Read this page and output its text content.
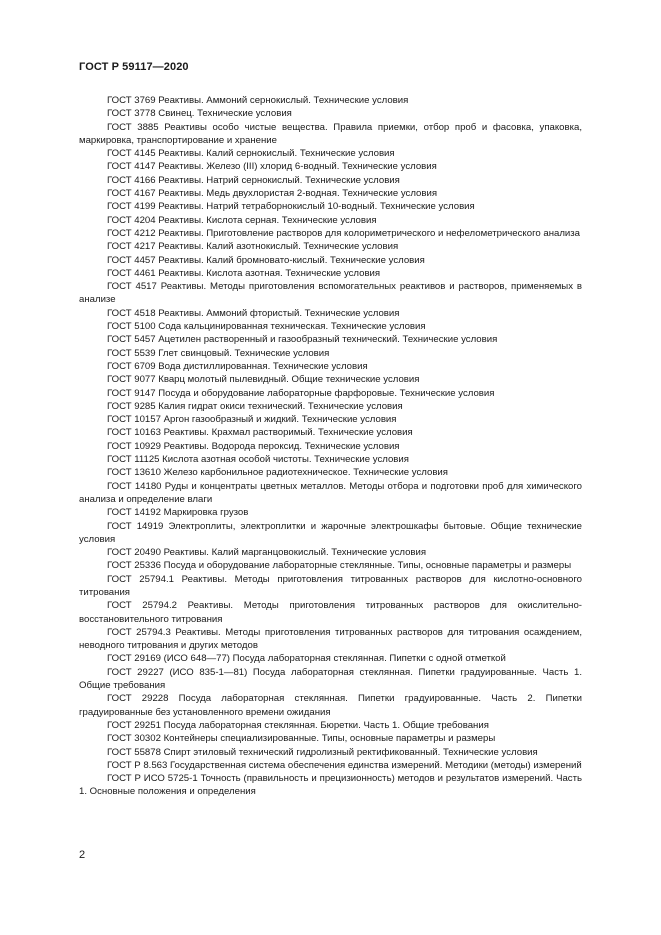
ГОСТ Р 59117—2020

ГОСТ 3769 Реактивы. Аммоний сернокислый. Технические условия

ГОСТ 3778 Свинец. Технические условия

ГОСТ 3885 Реактивы особо чистые вещества. Правила приемки, отбор проб и фасовка, упаковка, маркировка, транспортирование и хранение

ГОСТ 4145 Реактивы. Калий сернокислый. Технические условия

ГОСТ 4147 Реактивы. Железо (III) хлорид 6-водный. Технические условия

ГОСТ 4166 Реактивы. Натрий сернокислый. Технические условия

ГОСТ 4167 Реактивы. Медь двухлористая 2-водная. Технические условия

ГОСТ 4199 Реактивы. Натрий тетраборнокислый 10-водный. Технические условия

ГОСТ 4204 Реактивы. Кислота серная. Технические условия

ГОСТ 4212 Реактивы. Приготовление растворов для колориметрического и нефелометрического анализа

ГОСТ 4217 Реактивы. Калий азотнокислый. Технические условия

ГОСТ 4457 Реактивы. Калий бромновато-кислый. Технические условия

ГОСТ 4461 Реактивы. Кислота азотная. Технические условия

ГОСТ 4517 Реактивы. Методы приготовления вспомогательных реактивов и растворов, применяемых в анализе

ГОСТ 4518 Реактивы. Аммоний фтористый. Технические условия

ГОСТ 5100 Сода кальцинированная техническая. Технические условия

ГОСТ 5457 Ацетилен растворенный и газообразный технический. Технические условия

ГОСТ 5539 Глет свинцовый. Технические условия

ГОСТ 6709 Вода дистиллированная. Технические условия

ГОСТ 9077 Кварц молотый пылевидный. Общие технические условия

ГОСТ 9147 Посуда и оборудование лабораторные фарфоровые. Технические условия

ГОСТ 9285 Калия гидрат окиси технический. Технические условия

ГОСТ 10157 Аргон газообразный и жидкий. Технические условия

ГОСТ 10163 Реактивы. Крахмал растворимый. Технические условия

ГОСТ 10929 Реактивы. Водорода пероксид. Технические условия

ГОСТ 11125 Кислота азотная особой чистоты. Технические условия

ГОСТ 13610 Железо карбонильное радиотехническое. Технические условия

ГОСТ 14180 Руды и концентраты цветных металлов. Методы отбора и подготовки проб для химического анализа и определение влаги

ГОСТ 14192 Маркировка грузов

ГОСТ 14919 Электроплиты, электроплитки и жарочные электрошкафы бытовые. Общие технические условия

ГОСТ 20490 Реактивы. Калий марганцовокислый. Технические условия

ГОСТ 25336 Посуда и оборудование лабораторные стеклянные. Типы, основные параметры и размеры

ГОСТ 25794.1 Реактивы. Методы приготовления титрованных растворов для кислотно-основного титрования

ГОСТ 25794.2 Реактивы. Методы приготовления титрованных растворов для окислительно-восстановительного титрования

ГОСТ 25794.3 Реактивы. Методы приготовления титрованных растворов для титрования осаждением, неводного титрования и других методов

ГОСТ 29169 (ИСО 648—77) Посуда лабораторная стеклянная. Пипетки с одной отметкой

ГОСТ 29227 (ИСО 835-1—81) Посуда лабораторная стеклянная. Пипетки градуированные. Часть 1. Общие требования

ГОСТ 29228 Посуда лабораторная стеклянная. Пипетки градуированные. Часть 2. Пипетки градуированные без установленного времени ожидания

ГОСТ 29251 Посуда лабораторная стеклянная. Бюретки. Часть 1. Общие требования

ГОСТ 30302 Контейнеры специализированные. Типы, основные параметры и размеры

ГОСТ 55878 Спирт этиловый технический гидролизный ректификованный. Технические условия

ГОСТ Р 8.563 Государственная система обеспечения единства измерений. Методики (методы) измерений

ГОСТ Р ИСО 5725-1 Точность (правильность и прецизионность) методов и результатов измерений. Часть 1. Основные положения и определения

2
